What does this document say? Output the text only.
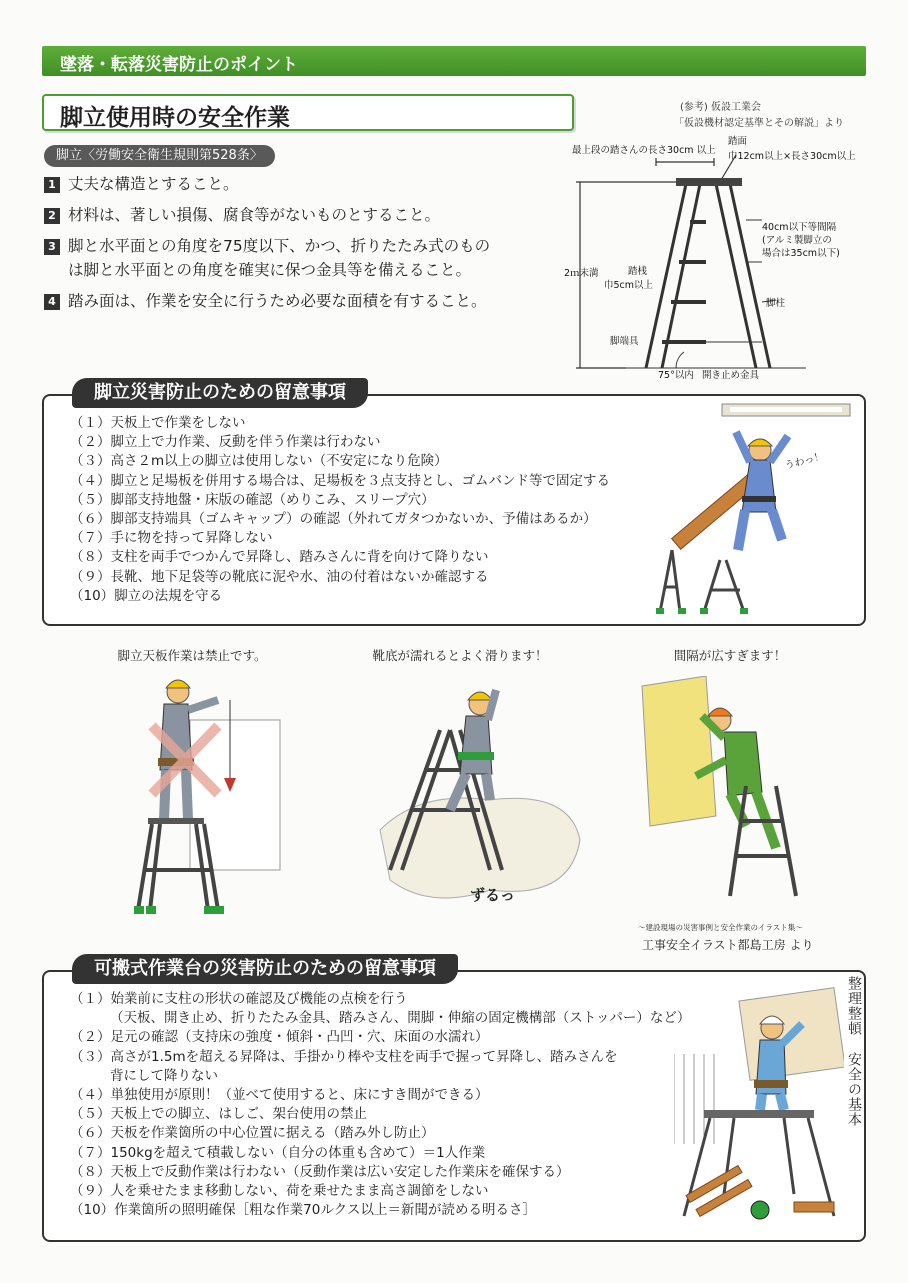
墜落・転落災害防止のポイント
脚立使用時の安全作業
脚立〈労働安全衛生規則第528条〉
1 丈夫な構造とすること。
2 材料は、著しい損傷、腐食等がないものとすること。
3 脚と水平面との角度を75度以下、かつ、折りたたみ式のもの
は脚と水平面との角度を確実に保つ金具等を備えること。
4 踏み面は、作業を安全に行うため必要な面積を有すること。
(参考) 仮設工業会
「仮設機材認定基準とその解説」より
最上段の踏さんの長さ30cm 以上
踏面
巾12cm以上×長さ30cm以上
40cm以下等間隔
(アルミ製脚立の
場合は35cm以下)
2ｍ未満	踏桟
巾5cm以上
脚柱
脚端具
75°以内 開き止め金具
脚立災害防止のための留意事項
（１）天板上で作業をしない
（２）脚立上で力作業、反動を伴う作業は行わない
（３）高さ２m以上の脚立は使用しない（不安定になり危険）
（４）脚立と足場板を併用する場合は、足場板を３点支持とし、ゴムバンド等で固定する
（５）脚部支持地盤・床版の確認（めりこみ、スリープ穴）
（６）脚部支持端具（ゴムキャップ）の確認（外れてガタつかないか、予備はあるか）
（７）手に物を持って昇降しない
（８）支柱を両手でつかんで昇降し、踏みさんに背を向けて降りない
（９）長靴、地下足袋等の靴底に泥や水、油の付着はないか確認する
（10）脚立の法規を守る
うわっ！
脚立天板作業は禁止です。	靴底が濡れるとよく滑ります！	間隔が広すぎます！
ずるっ
～建設現場の災害事例と安全作業のイラスト集～
工事安全イラスト都島工房 より
可搬式作業台の災害防止のための留意事項
（１）始業前に支柱の形状の確認及び機能の点検を行う
（天板、開き止め、折りたたみ金具、踏みさん、開脚・伸縮の固定機構部（ストッパー）など）
（２）足元の確認（支持床の強度・傾斜・凸凹・穴、床面の水濡れ）
（３）高さが1.5mを超える昇降は、手掛かり棒や支柱を両手で握って昇降し、踏みさんを
背にして降りない
（４）単独使用が原則！（並べて使用すると、床にすき間ができる）
（５）天板上での脚立、はしご、架台使用の禁止
（６）天板を作業箇所の中心位置に据える（踏み外し防止）
（７）150kgを超えて積載しない（自分の体重も含めて）＝1人作業
（８）天板上で反動作業は行わない（反動作業は広い安定した作業床を確保する）
（９）人を乗せたまま移動しない、荷を乗せたまま高さ調節をしない
（10）作業箇所の照明確保［粗な作業70ルクス以上＝新聞が読める明るさ］
整理整頓
安全の基本
